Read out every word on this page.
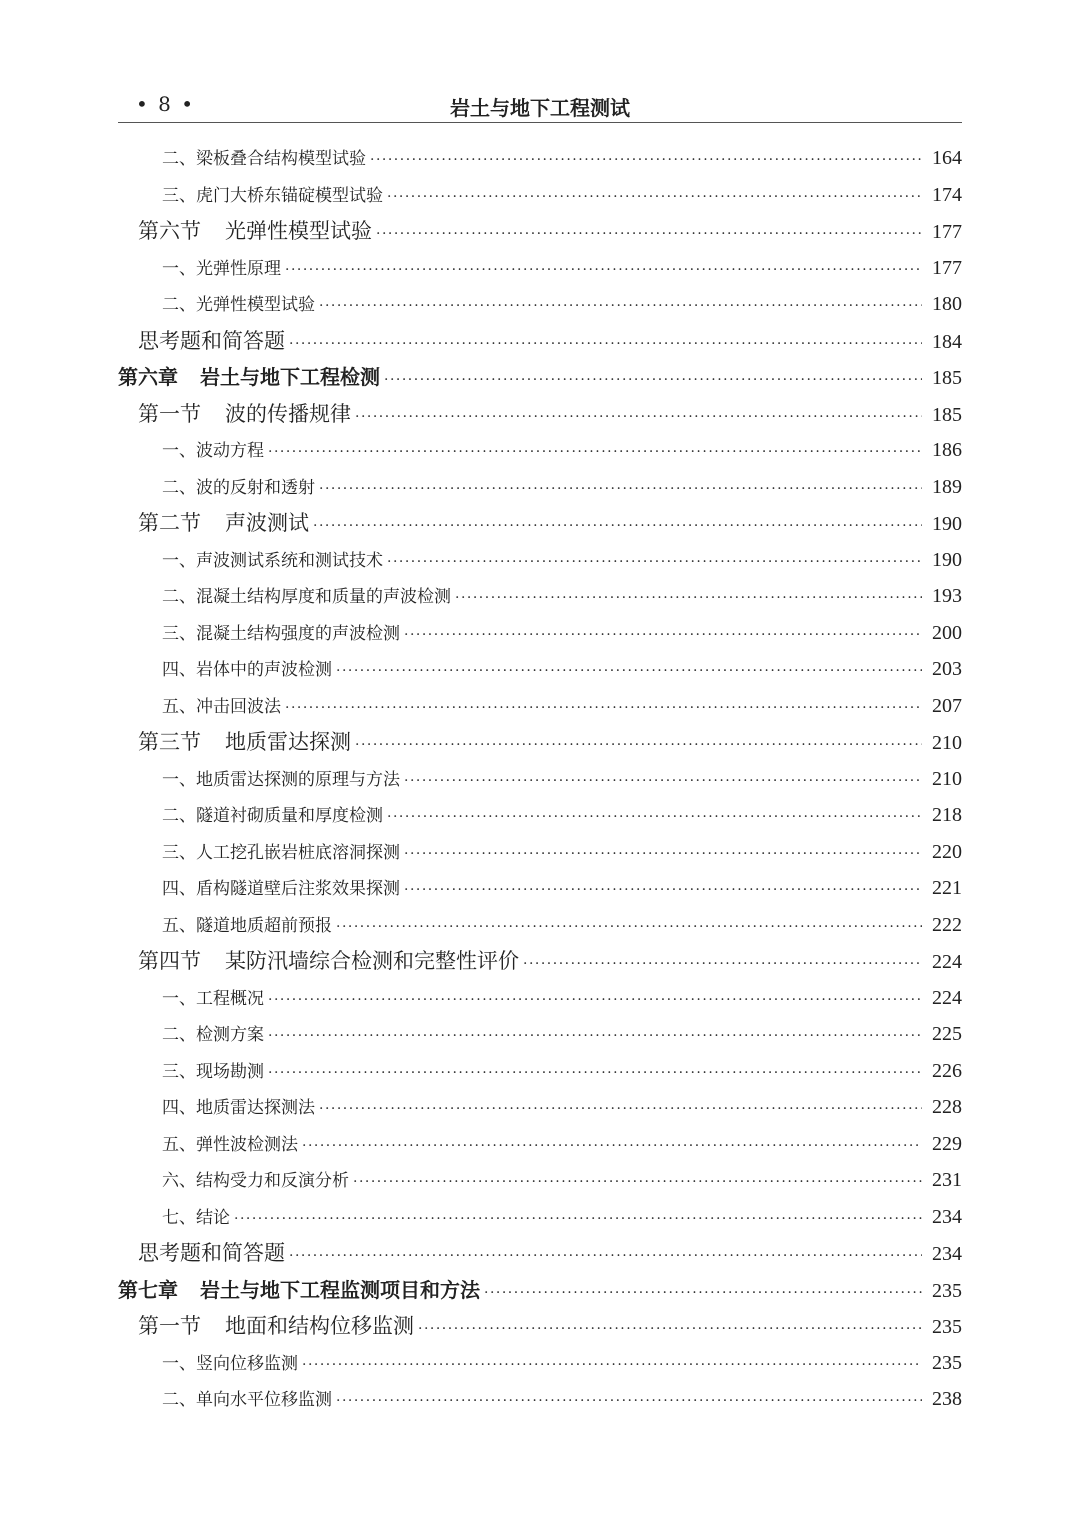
• 8 •	岩土与地下工程测试
二、梁板叠合结构模型试验 ·····	164
三、虎门大桥东锚碇模型试验 ·····	174
第六节 光弹性模型试验 ·····	177
一、光弹性原理 ·····	177
二、光弹性模型试验 ·····	180
思考题和简答题 ·····	184
第六章 岩土与地下工程检测 ·····	185
第一节 波的传播规律 ·····	185
一、波动方程 ·····	186
二、波的反射和透射 ·····	189
第二节 声波测试 ·····	190
一、声波测试系统和测试技术 ·····	190
二、混凝土结构厚度和质量的声波检测 ·····	193
三、混凝土结构强度的声波检测 ·····	200
四、岩体中的声波检测 ·····	203
五、冲击回波法 ·····	207
第三节 地质雷达探测 ·····	210
一、地质雷达探测的原理与方法 ·····	210
二、隧道衬砌质量和厚度检测 ·····	218
三、人工挖孔嵌岩桩底溶洞探测 ·····	220
四、盾构隧道壁后注浆效果探测 ·····	221
五、隧道地质超前预报 ·····	222
第四节 某防汛墙综合检测和完整性评价 ·····	224
一、工程概况 ·····	224
二、检测方案 ·····	225
三、现场勘测 ·····	226
四、地质雷达探测法 ·····	228
五、弹性波检测法 ·····	229
六、结构受力和反演分析 ·····	231
七、结论 ·····	234
思考题和简答题 ·····	234
第七章 岩土与地下工程监测项目和方法 ·····	235
第一节 地面和结构位移监测 ·····	235
一、竖向位移监测 ·····	235
二、单向水平位移监测 ·····	238
